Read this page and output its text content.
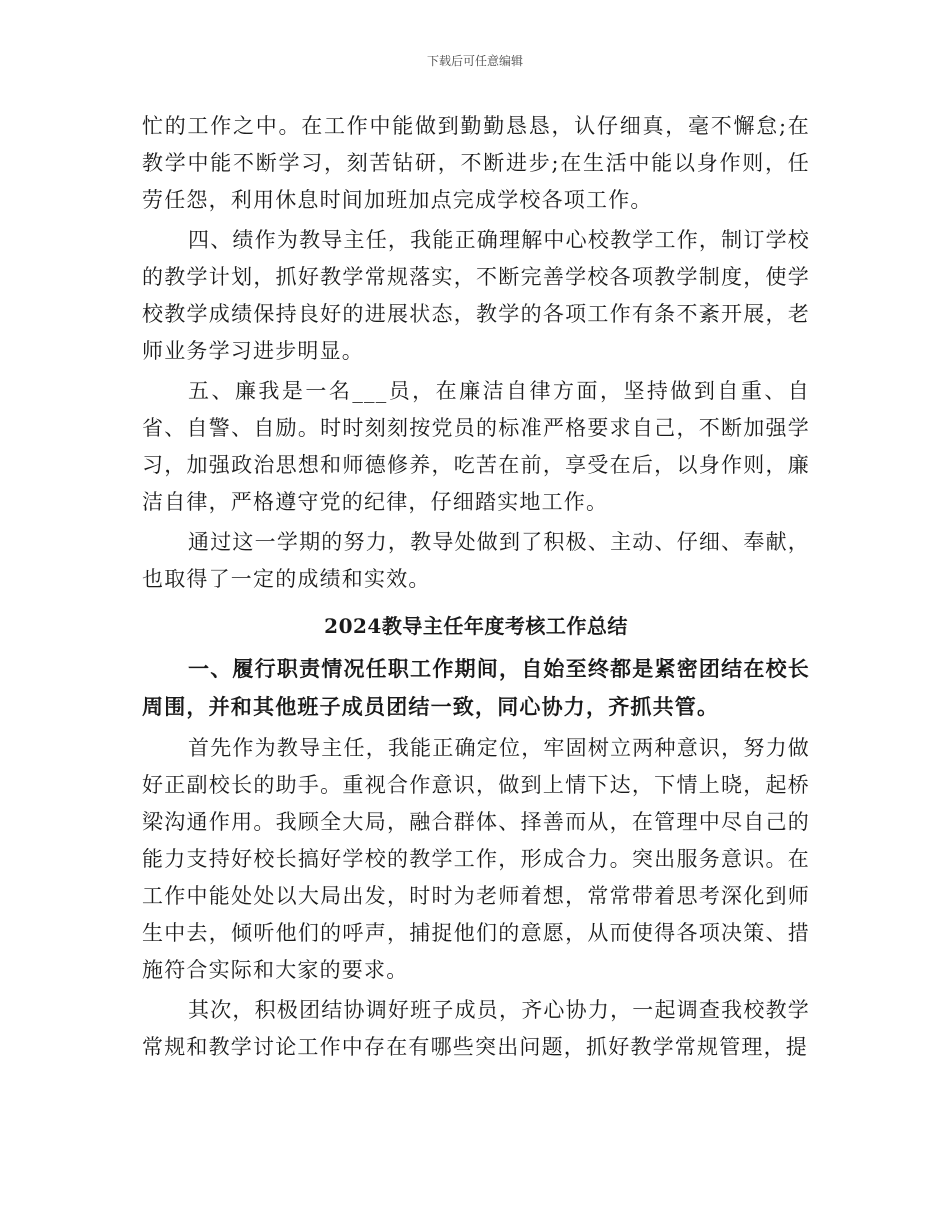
下载后可任意编辑

忙的工作之中。在工作中能做到勤勤恳恳，认仔细真，毫不懈怠;在教学中能不断学习，刻苦钻研，不断进步;在生活中能以身作则，任劳任怨，利用休息时间加班加点完成学校各项工作。

四、绩作为教导主任，我能正确理解中心校教学工作，制订学校的教学计划，抓好教学常规落实，不断完善学校各项教学制度，使学校教学成绩保持良好的进展状态，教学的各项工作有条不紊开展，老师业务学习进步明显。

五、廉我是一名___员，在廉洁自律方面，坚持做到自重、自省、自警、自励。时时刻刻按党员的标准严格要求自己，不断加强学习，加强政治思想和师德修养，吃苦在前，享受在后，以身作则，廉洁自律，严格遵守党的纪律，仔细踏实地工作。

通过这一学期的努力，教导处做到了积极、主动、仔细、奉献，也取得了一定的成绩和实效。

2024教导主任年度考核工作总结

一、履行职责情况任职工作期间，自始至终都是紧密团结在校长周围，并和其他班子成员团结一致，同心协力，齐抓共管。

首先作为教导主任，我能正确定位，牢固树立两种意识，努力做好正副校长的助手。重视合作意识，做到上情下达，下情上晓，起桥梁沟通作用。我顾全大局，融合群体、择善而从，在管理中尽自己的能力支持好校长搞好学校的教学工作，形成合力。突出服务意识。在工作中能处处以大局出发，时时为老师着想，常常带着思考深化到师生中去，倾听他们的呼声，捕捉他们的意愿，从而使得各项决策、措施符合实际和大家的要求。

其次，积极团结协调好班子成员，齐心协力，一起调查我校教学常规和教学讨论工作中存在有哪些突出问题，抓好教学常规管理，提
